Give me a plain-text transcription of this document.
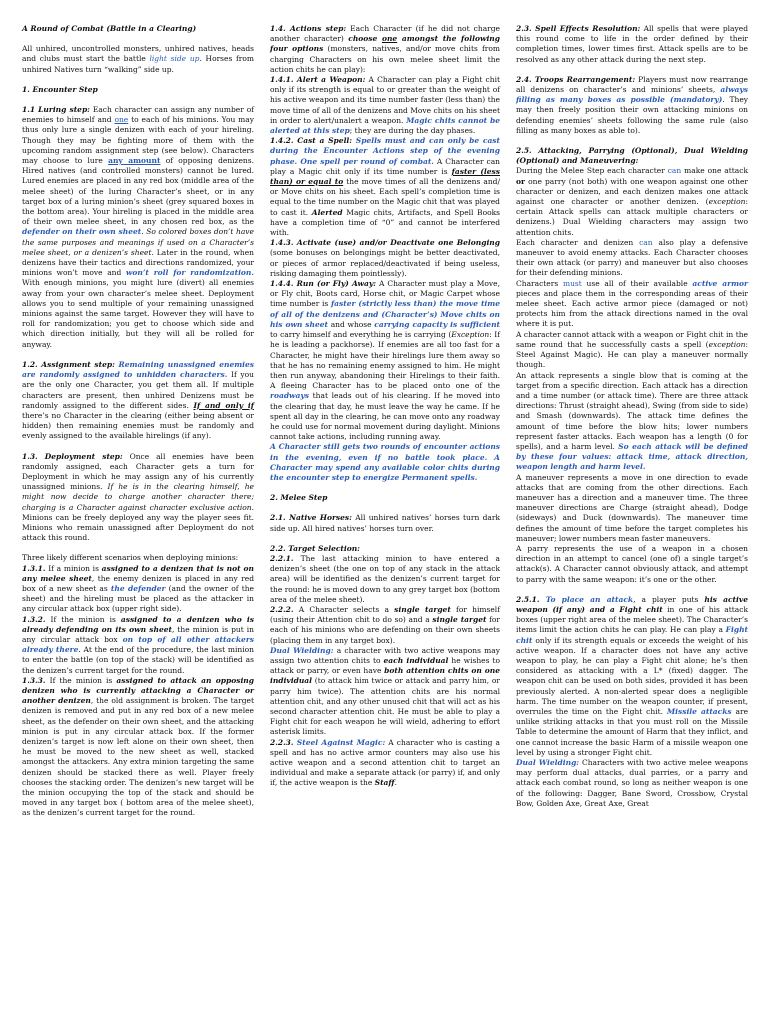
A Round of Combat (Battle in a Clearing)

All unhired, uncontrolled monsters, unhired natives, heads and clubs must start the battle light side up. Horses from unhired Natives turn “walking” side up.

1. Encounter Step

1.1 Luring step: Each character can assign any number of enemies to himself and one to each of his minions. You may thus only lure a single denizen with each of your hireling. Though they may be fighting more of them with the upcoming random assignment step (see below). Characters may choose to lure any amount of opposing denizens. Hired natives (and controlled monsters) cannot be lured. Lured enemies are placed in any red box (middle area of the melee sheet) of the luring Character’s sheet, or in any target box of a luring minion’s sheet (grey squared boxes in the bottom area). Your hireling is placed in the middle area of their own melee sheet, in any chosen red box, as the defender on their own sheet. So colored boxes don’t have the same purposes and meanings if used on a Character’s melee sheet, or a denizen’s sheet. Later in the round, when denizens have their tactics and directions randomized, your minions won’t move and won’t roll for randomization. With enough minions, you might lure (divert) all enemies away from your own character’s melee sheet. Deployment allows you to send multiple of your remaining unassigned minions against the same target. However they will have to roll for randomization; you get to choose which side and which direction initially, but they will all be rolled for anyway.

1.2. Assignment step: Remaining unassigned enemies are randomly assigned to unhidden characters. If you are the only one Character, you get them all. If multiple characters are present, then unhired Denizens must be randomly assigned to the different sides. If and only if there’s no Character in the clearing (either being absent or hidden) then remaining enemies must be randomly and evenly assigned to the available hirelings (if any).

1.3. Deployment step: Once all enemies have been randomly assigned, each Character gets a turn for Deployment in which he may assign any of his currently unassigned minions. If he is in the clearing himself, he might now decide to charge another character there; charging is a Character against character exclusive action. Minions can be freely deployed any way the player sees fit. Minions who remain unassigned after Deployment do not attack this round.

Three likely different scenarios when deploying minions:

1.3.1. If a minion is assigned to a denizen that is not on any melee sheet, the enemy denizen is placed in any red box of a new sheet as the defender (and the owner of the sheet) and the hireling must be placed as the attacker in any circular attack box (upper right side).

1.3.2. If the minion is assigned to a denizen who is already defending on its own sheet, the minion is put in any circular attack box on top of all other attackers already there. At the end of the procedure, the last minion to enter the battle (on top of the stack) will be identified as the denizen’s current target for the round.

1.3.3. If the minion is assigned to attack an opposing denizen who is currently attacking a Character or another denizen, the old assignment is broken. The target denizen is removed and put in any red box of a new melee sheet, as the defender on their own sheet, and the attacking minion is put in any circular attack box. If the former denizen’s target is now left alone on their own sheet, then he must be moved to the new sheet as well, stacked amongst the attackers. Any extra minion targeting the same denizen should be stacked there as well. Player freely chooses the stacking order. The denizen’s new target will be the minion occupying the top of the stack and should be moved in any target box ( bottom area of the melee sheet), as the denizen’s current target for the round.

1.4. Actions step: Each Character (if he did not charge another character) choose one amongst the following four options (monsters, natives, and/or move chits from charging Characters on his own melee sheet limit the action chits he can play):

1.4.1. Alert a Weapon: A Character can play a Fight chit only if its strength is equal to or greater than the weight of his active weapon and its time number faster (less than) the move time of all of the denizens and Move chits on his sheet in order to alert/unalert a weapon. Magic chits cannot be alerted at this step; they are during the day phases.

1.4.2. Cast a Spell: Spells must and can only be cast during the Encounter Actions step of the evening phase. One spell per round of combat. A Character can play a Magic chit only if its time number is faster (less than) or equal to the move times of all the denizens and/ or Move chits on his sheet. Each spell’s completion time is equal to the time number on the Magic chit that was played to cast it. Alerted Magic chits, Artifacts, and Spell Books have a completion time of “0” and cannot be interfered with.

1.4.3. Activate (use) and/or Deactivate one Belonging (some bonuses on belongings might be better deactivated, or pieces of armor replaced/deactivated if being useless, risking damaging them pointlessly).

1.4.4. Run (or Fly) Away: A Character must play a Move, or Fly chit, Boots card, Horse chit, or Magic Carpet whose time number is faster (strictly less than) the move time of all of the denizens and (Character’s) Move chits on his own sheet and whose carrying capacity is sufficient to carry himself and everything he is carrying (Exception: If he is leading a packhorse). If enemies are all too fast for a Character, he might have their hirelings lure them away so that he has no remaining enemy assigned to him. He might then run anyway, abandoning their Hirelings to their faith. A fleeing Character has to be placed onto one of the roadways that leads out of his clearing. If he moved into the clearing that day, he must leave the way he came. If he spent all day in the clearing, he can move onto any roadway he could use for normal movement during daylight. Minions cannot take actions, including running away.

A Character still gets two rounds of encounter actions in the evening, even if no battle took place. A Character may spend any available color chits during the encounter step to energize Permanent spells.

2. Melee Step

2.1. Native Horses: All unhired natives’ horses turn dark side up. All hired natives’ horses turn over.

2.2. Target Selection:

2.2.1. The last attacking minion to have entered a denizen’s sheet (the one on top of any stack in the attack area) will be identified as the denizen’s current target for the round: he is moved down to any grey target box (bottom area of the melee sheet).

2.2.2. A Character selects a single target for himself (using their Attention chit to do so) and a single target for each of his minions who are defending on their own sheets (placing them in any target box).

Dual Wielding: a character with two active weapons may assign two attention chits to each individual he wishes to attack or parry, or even have both attention chits on one individual (to attack him twice or attack and parry him, or parry him twice). The attention chits are his normal attention chit, and any other unused chit that will act as his second character attention chit. He must be able to play a Fight chit for each weapon he will wield, adhering to effort asterisk limits.

2.2.3. Steel Against Magic: A character who is casting a spell and has no active armor counters may also use his active weapon and a second attention chit to target an individual and make a separate attack (or parry) if, and only if, the active weapon is the Staff.

2.3. Spell Effects Resolution: All spells that were played this round come to life in the order defined by their completion times, lower times first. Attack spells are to be resolved as any other attack during the next step.

2.4. Troops Rearrangement: Players must now rearrange all denizens on character’s and minions’ sheets, always filling as many boxes as possible (mandatory). They may then freely position their own attacking minions on defending enemies’ sheets following the same rule (also filling as many boxes as able to).

2.5. Attacking, Parrying (Optional), Dual Wielding (Optional) and Maneuvering:

During the Melee Step each character can make one attack or one parry (not both) with one weapon against one other character or denizen, and each denizen makes one attack against one character or another denizen. (exception: certain Attack spells can attack multiple characters or denizens.) Dual Wielding characters may assign two attention chits.

Each character and denizen can also play a defensive maneuver to avoid enemy attacks. Each Character chooses their own attack (or parry) and maneuver but also chooses for their defending minions.

Characters must use all of their available active armor pieces and place them in the corresponding areas of their melee sheet. Each active armor piece (damaged or not) protects him from the attack directions named in the oval where it is put.

A character cannot attack with a weapon or Fight chit in the same round that he successfully casts a spell (exception: Steel Against Magic). He can play a maneuver normally though.

An attack represents a single blow that is coming at the target from a specific direction. Each attack has a direction and a time number (or attack time). There are three attack directions: Thrust (straight ahead), Swing (from side to side) and Smash (downwards). The attack time defines the amount of time before the blow hits; lower numbers represent faster attacks. Each weapon has a length (0 for spells), and a harm level. So each attack will be defined by these four values: attack time, attack direction, weapon length and harm level.

A maneuver represents a move in one direction to evade attacks that are coming from the other directions. Each maneuver has a direction and a maneuver time. The three maneuver directions are Charge (straight ahead), Dodge (sideways) and Duck (downwards). The maneuver time defines the amount of time before the target completes his maneuver; lower numbers mean faster maneuvers.

A parry represents the use of a weapon in a chosen direction in an attempt to cancel (one of) a single target’s attack(s). A Character cannot obviously attack, and attempt to parry with the same weapon: it’s one or the other.

2.5.1. To place an attack, a player puts his active weapon (if any) and a Fight chit in one of his attack boxes (upper right area of the melee sheet). The Character’s items limit the action chits he can play. He can play a Fight chit only if its strength equals or exceeds the weight of his active weapon. If a character does not have any active weapon to play, he can play a Fight chit alone; he’s then considered as attacking with a L* (fixed) dagger. The weapon chit can be used on both sides, provided it has been previously alerted. A non-alerted spear does a negligible harm. The time number on the weapon counter, if present, overrules the time on the Fight chit. Missile attacks are unlike striking attacks in that you must roll on the Missile Table to determine the amount of Harm that they inflict, and one cannot increase the basic Harm of a missile weapon one level by using a stronger Fight chit.

Dual Wielding: Characters with two active melee weapons may perform dual attacks, dual parries, or a parry and attack each combat round, so long as neither weapon is one of the following: Dagger, Bane Sword, Crossbow, Crystal Bow, Golden Axe, Great Axe, Great
